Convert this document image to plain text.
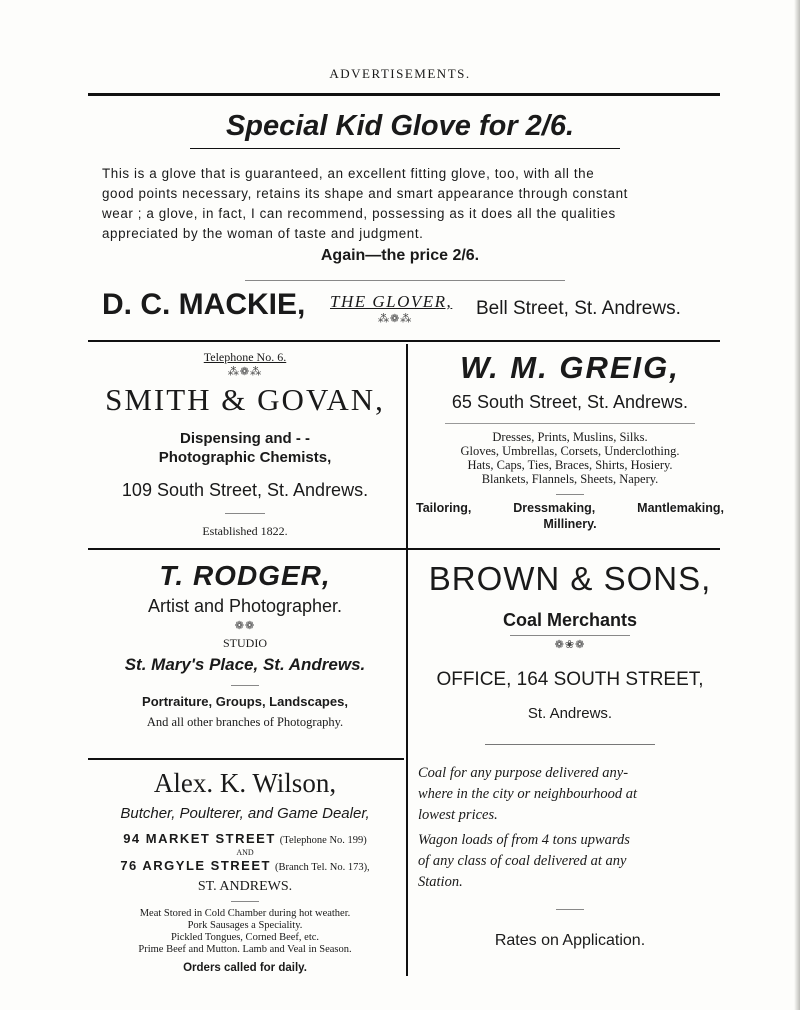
ADVERTISEMENTS.
Special Kid Glove for 2/6.
This is a glove that is guaranteed, an excellent fitting glove, too, with all the
good points necessary, retains its shape and smart appearance through constant
wear ; a glove, in fact, I can recommend, possessing as it does all the qualities
appreciated by the woman of taste and judgment.
Again—the price 2/6.
D. C. MACKIE, THE GLOVER,
⁂❁⁂	Bell Street, St. Andrews.
Telephone No. 6.
⁂❁⁂
SMITH & GOVAN,
Dispensing and - -
Photographic Chemists,
109 South Street, St. Andrews.
Established 1822.
W. M. GREIG,
65 South Street, St. Andrews.
Dresses, Prints, Muslins, Silks.
Gloves, Umbrellas, Corsets, Underclothing.
Hats, Caps, Ties, Braces, Shirts, Hosiery.
Blankets, Flannels, Sheets, Napery.
Tailoring,	Dressmaking,	Mantlemaking,
Millinery.
T. RODGER,
Artist and Photographer.
❁❁
STUDIO
St. Mary's Place, St. Andrews.
Portraiture, Groups, Landscapes,
And all other branches of Photography.
Alex. K. Wilson,
Butcher, Poulterer, and Game Dealer,
94 MARKET STREET (Telephone No. 199)
AND
76 ARGYLE STREET (Branch Tel. No. 173),
ST. ANDREWS.
Meat Stored in Cold Chamber during hot weather.
Pork Sausages a Speciality.
Pickled Tongues, Corned Beef, etc.
Prime Beef and Mutton. Lamb and Veal in Season.
Orders called for daily.
BROWN & SONS,
Coal Merchants
❁❀❁
OFFICE, 164 SOUTH STREET,
St. Andrews.
Coal for any purpose delivered any-
where in the city or neighbourhood at
lowest prices.
Wagon loads of from 4 tons upwards
of any class of coal delivered at any
Station.
Rates on Application.
